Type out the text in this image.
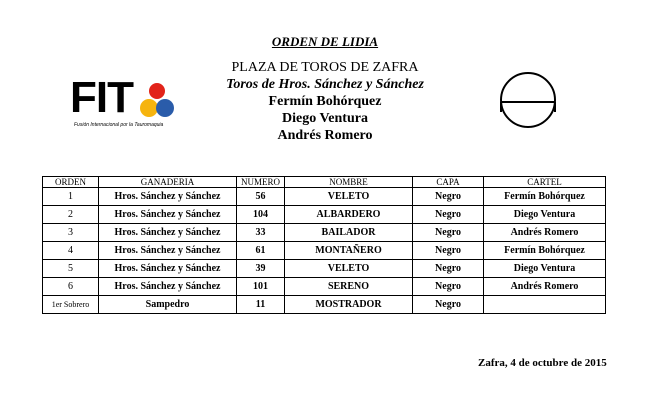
ORDEN DE LIDIA
PLAZA DE TOROS DE ZAFRA
Toros de Hros. Sánchez y Sánchez
Fermín Bohórquez
Diego Ventura
Andrés Romero
FIT
Fusión Internacional por la Tauromaquia
ORDEN	GANADERIA	NUMERO	NOMBRE	CAPA	CARTEL
1	Hros. Sánchez y Sánchez	56	VELETO	Negro	Fermín Bohórquez
2	Hros. Sánchez y Sánchez	104	ALBARDERO	Negro	Diego Ventura
3	Hros. Sánchez y Sánchez	33	BAILADOR	Negro	Andrés Romero
4	Hros. Sánchez y Sánchez	61	MONTAÑERO	Negro	Fermín Bohórquez
5	Hros. Sánchez y Sánchez	39	VELETO	Negro	Diego Ventura
6	Hros. Sánchez y Sánchez	101	SERENO	Negro	Andrés Romero
1er Sobrero	Sampedro	11	MOSTRADOR	Negro	
Zafra, 4 de octubre de 2015
